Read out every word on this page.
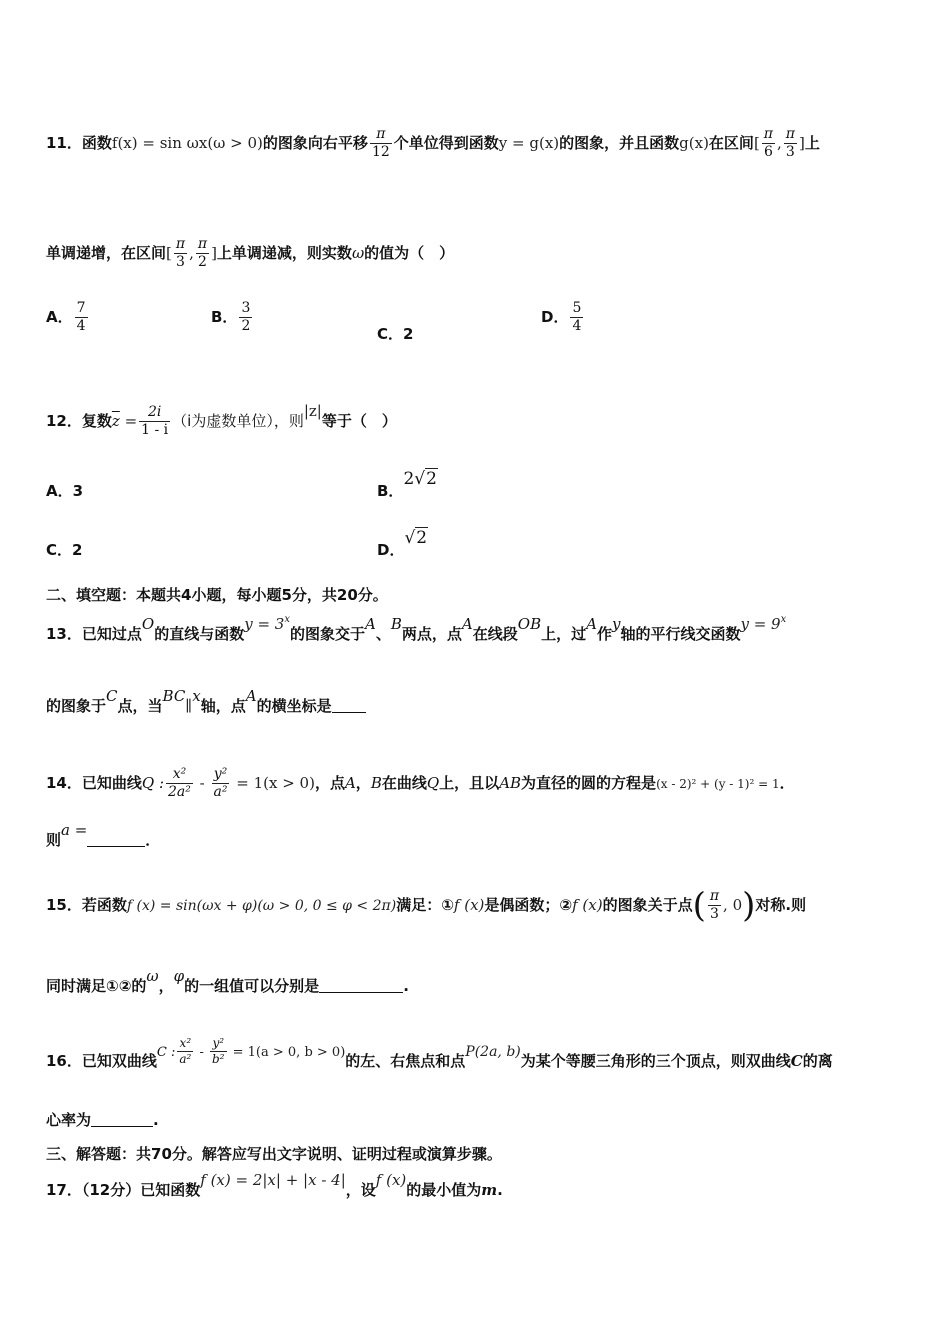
11．函数f(x) = sin ωx(ω > 0)的图象向右平移 $\frac{\pi}{12}$ 个单位得到函数y = g(x)的图象，并且函数g(x)在区间[ $\frac{\pi}{6}$ , $\frac{\pi}{3}$ ]上
单调递增，在区间[ $\frac{\pi}{3}$ , $\frac{\pi}{2}$ ]上单调递减，则实数ω的值为（　）
A． $\frac{7}{4}$	B． $\frac{3}{2}$	C．2
D． $\frac{5}{4}$
12．复数$\overline{z} = \frac{2i}{1 - i} (i$为虚数单位），则|z|等于（　）
A．3	B．2√2
C．2	D．√2
二、填空题：本题共4小题，每小题5分，共20分。
13．已知过点O的直线与函数$y = 3^x$的图象交于A、B两点，点A在线段OB上，过A作y轴的平行线交函数$y = 9^x$
的图象于C点，当BC∥x轴，点A的横坐标是
14．已知曲线Q : $\frac{\text{x²}}{\text{2a²}} - \frac{\text{y²}}{\text{a²}} = 1(x > 0)$，点A，B在曲线Q上，且以AB为直径的圆的方程是(x - 2)² + (y - 1)² = 1．
则a =．
15．若函数f (x) = sin(ωx + φ)(ω > 0, 0 ≤ φ < 2π)满足：①f (x)是偶函数；②f (x)的图象关于点( $\frac{\pi}{3}$ , 0)对称.则
同时满足①②的ω，φ的一组值可以分别是	.
16．已知双曲线C : $\frac{\text{x²}}{\text{a²}} - \frac{\text{y²}}{\text{b²}} = 1(a > 0$, b > 0)的左、右焦点和点P(2a, b)为某个等腰三角形的三个顶点，则双曲线C的离
心率为	.
三、解答题：共70分。解答应写出文字说明、证明过程或演算步骤。
17．（12分）已知函数f (x) = 2|x| + |x - 4|，设f (x)的最小值为m.
